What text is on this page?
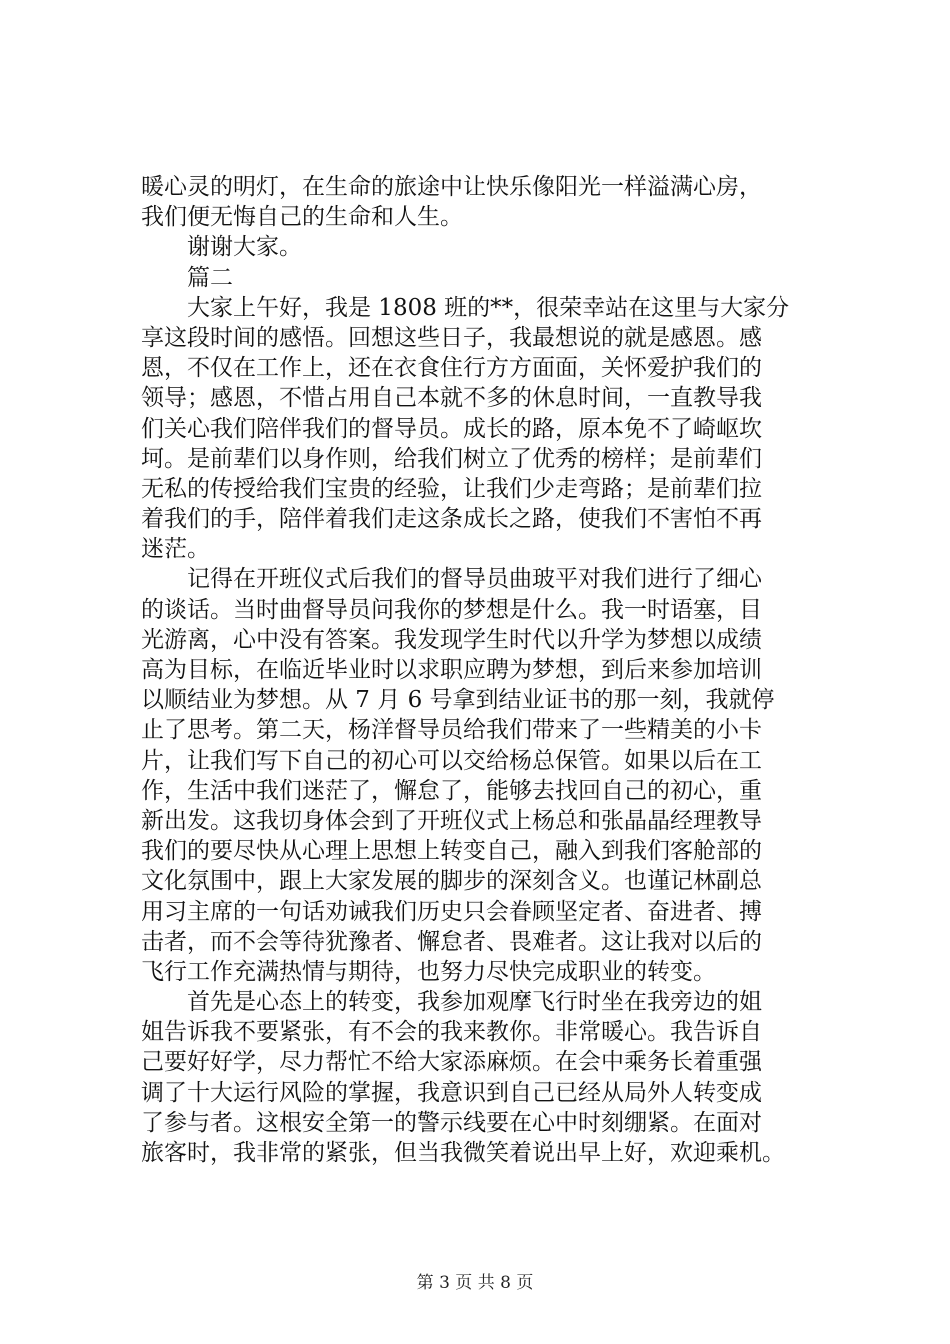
暖心灵的明灯，在生命的旅途中让快乐像阳光一样溢满心房，
我们便无悔自己的生命和人生。
　　谢谢大家。
　　篇二
　　大家上午好，我是 1808 班的**，很荣幸站在这里与大家分
享这段时间的感悟。回想这些日子，我最想说的就是感恩。感
恩，不仅在工作上，还在衣食住行方方面面，关怀爱护我们的
领导；感恩，不惜占用自己本就不多的休息时间，一直教导我
们关心我们陪伴我们的督导员。成长的路，原本免不了崎岖坎
坷。是前辈们以身作则，给我们树立了优秀的榜样；是前辈们
无私的传授给我们宝贵的经验，让我们少走弯路；是前辈们拉
着我们的手，陪伴着我们走这条成长之路，使我们不害怕不再
迷茫。
　　记得在开班仪式后我们的督导员曲玻平对我们进行了细心
的谈话。当时曲督导员问我你的梦想是什么。我一时语塞，目
光游离，心中没有答案。我发现学生时代以升学为梦想以成绩
高为目标，在临近毕业时以求职应聘为梦想，到后来参加培训
以顺结业为梦想。从 7 月 6 号拿到结业证书的那一刻，我就停
止了思考。第二天，杨洋督导员给我们带来了一些精美的小卡
片，让我们写下自己的初心可以交给杨总保管。如果以后在工
作，生活中我们迷茫了，懈怠了，能够去找回自己的初心，重
新出发。这我切身体会到了开班仪式上杨总和张晶晶经理教导
我们的要尽快从心理上思想上转变自己，融入到我们客舱部的
文化氛围中，跟上大家发展的脚步的深刻含义。也谨记林副总
用习主席的一句话劝诫我们历史只会眷顾坚定者、奋进者、搏
击者，而不会等待犹豫者、懈怠者、畏难者。这让我对以后的
飞行工作充满热情与期待，也努力尽快完成职业的转变。
　　首先是心态上的转变，我参加观摩飞行时坐在我旁边的姐
姐告诉我不要紧张，有不会的我来教你。非常暖心。我告诉自
己要好好学，尽力帮忙不给大家添麻烦。在会中乘务长着重强
调了十大运行风险的掌握，我意识到自己已经从局外人转变成
了参与者。这根安全第一的警示线要在心中时刻绷紧。在面对
旅客时，我非常的紧张，但当我微笑着说出早上好，欢迎乘机。
第 3 页 共 8 页
